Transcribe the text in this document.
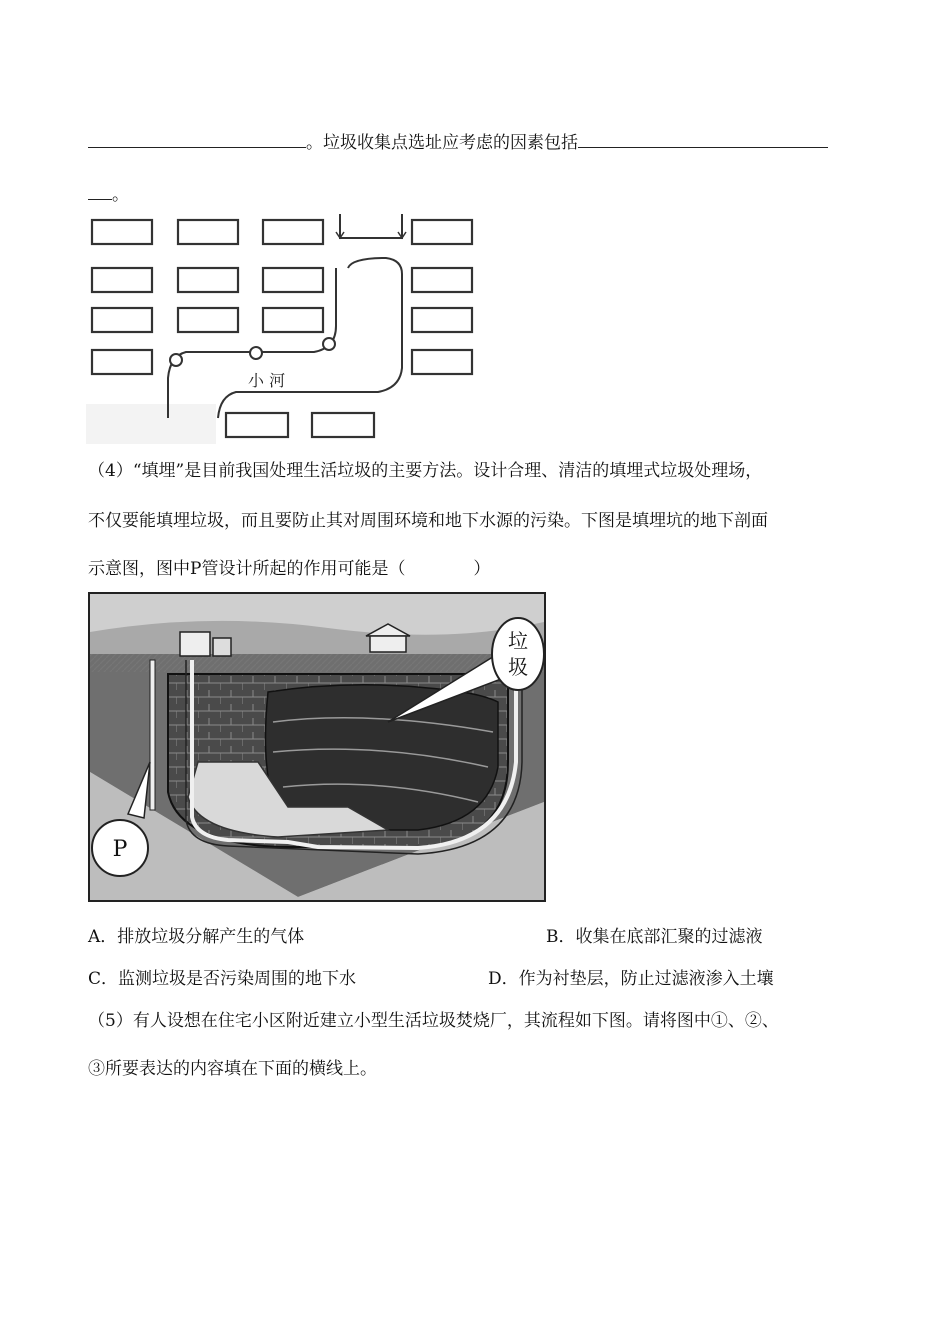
。垃圾收集点选址应考虑的因素包括
。
小 河
（4）“填埋”是目前我国处理生活垃圾的主要方法。设计合理、清洁的填埋式垃圾处理场，
不仅要能填埋垃圾，而且要防止其对周围环境和地下水源的污染。下图是填埋坑的地下剖面
示意图，图中P管设计所起的作用可能是（　　　　）
垃
圾
P
A．排放垃圾分解产生的气体	B．收集在底部汇聚的过滤液
C．监测垃圾是否污染周围的地下水	D．作为衬垫层，防止过滤液渗入土壤
（5）有人设想在住宅小区附近建立小型生活垃圾焚烧厂，其流程如下图。请将图中①、②、
③所要表达的内容填在下面的横线上。
